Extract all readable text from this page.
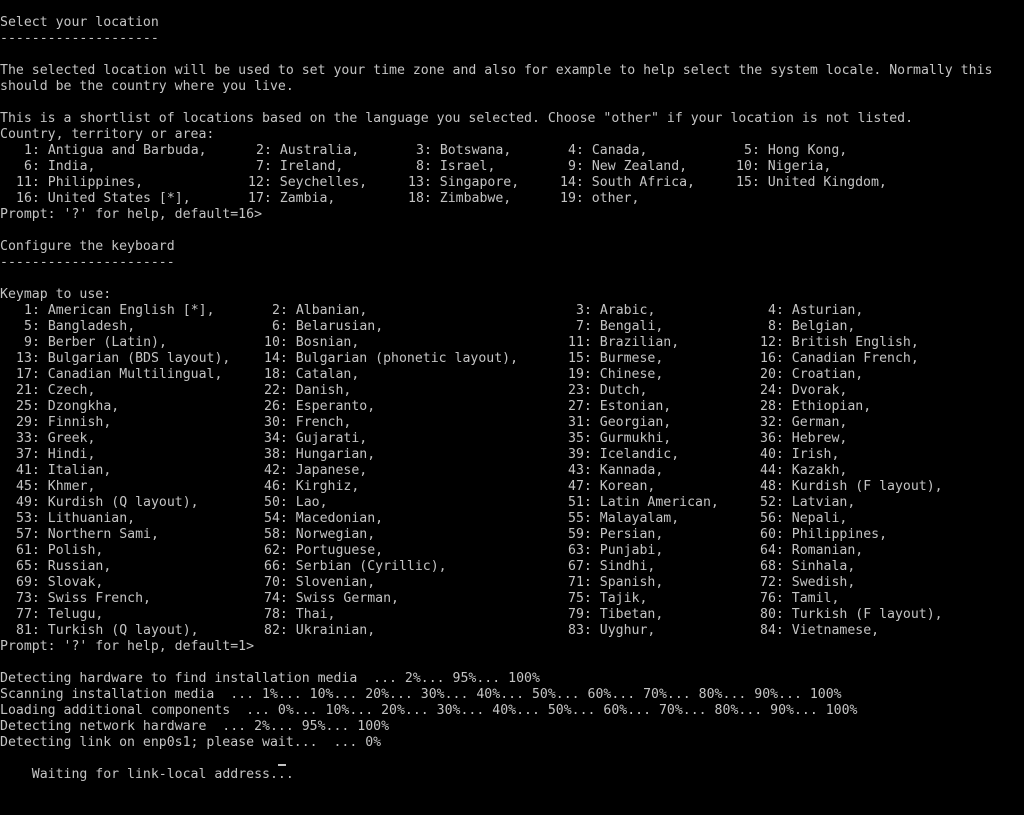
Select your location
--------------------
The selected location will be used to set your time zone and also for example to help select the system locale. Normally this
should be the country where you live.
This is a shortlist of locations based on the language you selected. Choose "other" if your location is not listed.
Country, territory or area:
1: Antigua and Barbuda,	2: Australia,	3: Botswana,	4: Canada,	5: Hong Kong,
6: India,	7: Ireland,	8: Israel,	9: New Zealand,	10: Nigeria,
11: Philippines,	12: Seychelles,	13: Singapore,	14: South Africa,	15: United Kingdom,
16: United States [*],	17: Zambia,	18: Zimbabwe,	19: other,
Prompt: '?' for help, default=16>
Configure the keyboard
----------------------
Keymap to use:
1: American English [*],	2: Albanian,	3: Arabic,	4: Asturian,
5: Bangladesh,	6: Belarusian,	7: Bengali,	8: Belgian,
9: Berber (Latin),	10: Bosnian,	11: Brazilian,	12: British English,
13: Bulgarian (BDS layout),	14: Bulgarian (phonetic layout),	15: Burmese,	16: Canadian French,
17: Canadian Multilingual,	18: Catalan,	19: Chinese,	20: Croatian,
21: Czech,	22: Danish,	23: Dutch,	24: Dvorak,
25: Dzongkha,	26: Esperanto,	27: Estonian,	28: Ethiopian,
29: Finnish,	30: French,	31: Georgian,	32: German,
33: Greek,	34: Gujarati,	35: Gurmukhi,	36: Hebrew,
37: Hindi,	38: Hungarian,	39: Icelandic,	40: Irish,
41: Italian,	42: Japanese,	43: Kannada,	44: Kazakh,
45: Khmer,	46: Kirghiz,	47: Korean,	48: Kurdish (F layout),
49: Kurdish (Q layout),	50: Lao,	51: Latin American,	52: Latvian,
53: Lithuanian,	54: Macedonian,	55: Malayalam,	56: Nepali,
57: Northern Sami,	58: Norwegian,	59: Persian,	60: Philippines,
61: Polish,	62: Portuguese,	63: Punjabi,	64: Romanian,
65: Russian,	66: Serbian (Cyrillic),	67: Sindhi,	68: Sinhala,
69: Slovak,	70: Slovenian,	71: Spanish,	72: Swedish,
73: Swiss French,	74: Swiss German,	75: Tajik,	76: Tamil,
77: Telugu,	78: Thai,	79: Tibetan,	80: Turkish (F layout),
81: Turkish (Q layout),	82: Ukrainian,	83: Uyghur,	84: Vietnamese,
Prompt: '?' for help, default=1>
Detecting hardware to find installation media  ... 2%... 95%... 100%
Scanning installation media  ... 1%... 10%... 20%... 30%... 40%... 50%... 60%... 70%... 80%... 90%... 100%
Loading additional components  ... 0%... 10%... 20%... 30%... 40%... 50%... 60%... 70%... 80%... 90%... 100%
Detecting network hardware  ... 2%... 95%... 100%
Detecting link on enp0s1; please wait...  ... 0%

Waiting for link-local address...
